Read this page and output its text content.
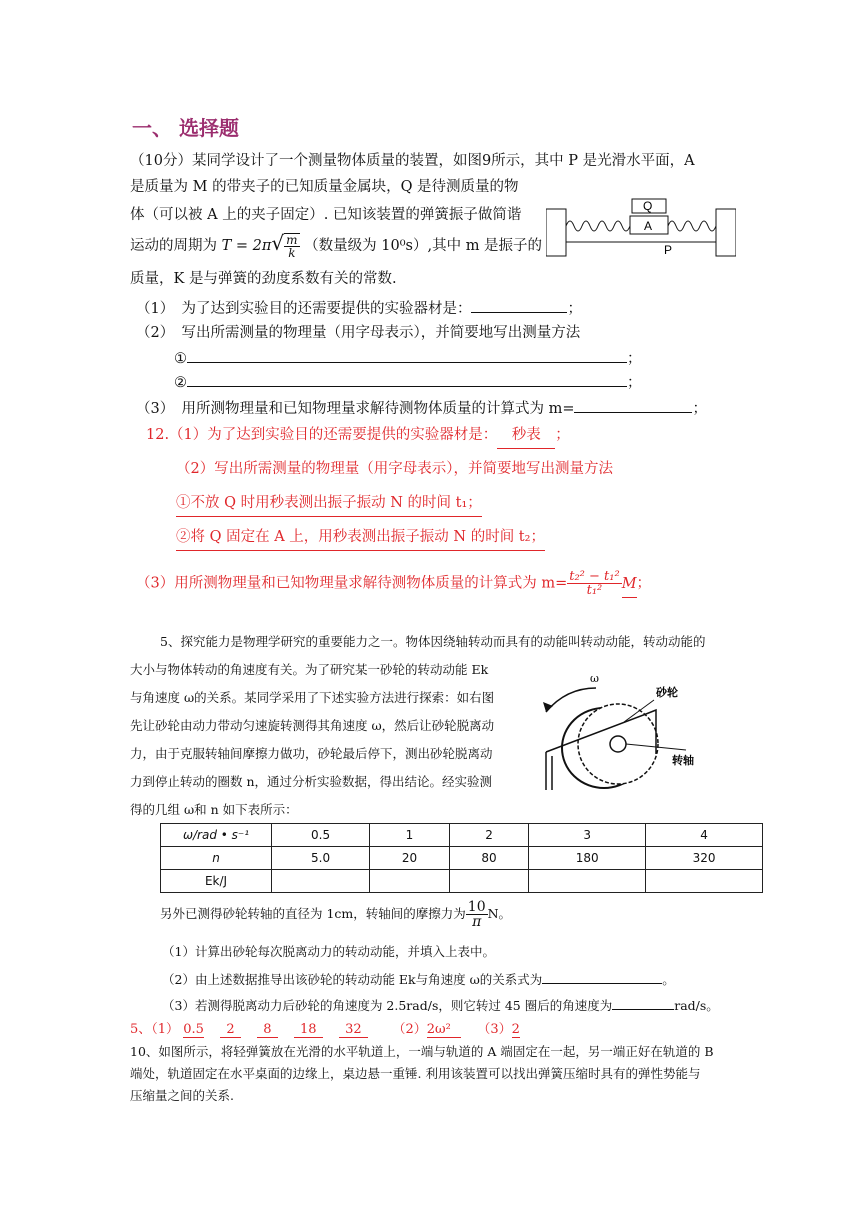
一、 选择题
（10分）某同学设计了一个测量物体质量的装置，如图9所示，其中 P 是光滑水平面，A
是质量为 M 的带夹子的已知质量金属块，Q 是待测质量的物
体（可以被 A 上的夹子固定）. 已知该装置的弹簧振子做简谐
运动的周期为 $T = 2\pi√ \frac{m}{k}$ （数量级为 10⁰s）,其中 m 是振子的
质量，K 是与弹簧的劲度系数有关的常数.
Q
A
P
（1）　为了达到实验目的还需要提供的实验器材是：	；
（2）　写出所需测量的物理量（用字母表示），并简要地写出测量方法
①	；
②	；
（3）　用所测物理量和已知物理量求解待测物体质量的计算式为 m=	；
12.（1）为了达到实验目的还需要提供的实验器材是：　秒表　；
（2）写出所需测量的物理量（用字母表示），并简要地写出测量方法
①不放 Q 时用秒表测出振子振动 N 的时间 t₁；
②将 Q 固定在 A 上，用秒表测出振子振动 N 的时间 t₂；
（3）用所测物理量和已知物理量求解待测物体质量的计算式为 $m= \frac{\text{t₂² − t₁²}}{\text{t₁²}}$ M；
5、探究能力是物理学研究的重要能力之一。物体因绕轴转动而具有的动能叫转动动能，转动动能的
大小与物体转动的角速度有关。为了研究某一砂轮的转动动能 Ek
与角速度 ω的关系。某同学采用了下述实验方法进行探索：如右图
先让砂轮由动力带动匀速旋转测得其角速度 ω，然后让砂轮脱离动
力，由于克服转轴间摩擦力做功，砂轮最后停下，测出砂轮脱离动
力到停止转动的圈数 n，通过分析实验数据，得出结论。经实验测
得的几组 ω和 n 如下表所示：
ω
砂轮
转轴
ω/rad • s⁻¹	0.5	1	2	3	4
n	5.0	20	80	180	320
Ek/J					
另外已测得砂轮转轴的直径为 1cm，转轴间的摩擦力为 $\frac{10}{\pi}$ N。
（1）计算出砂轮每次脱离动力的转动动能，并填入上表中。
（2）由上述数据推导出该砂轮的转动动能 Ek与角速度 ω的关系式为	。
（3）若测得脱离动力后砂轮的角速度为 2.5rad/s，则它转过 45 圈后的角速度为	rad/s。
5、（1） 0.5 2 8 18 32 （2）2ω² （3）2
10、如图所示，将轻弹簧放在光滑的水平轨道上，一端与轨道的 A 端固定在一起，另一端正好在轨道的 B
端处，轨道固定在水平桌面的边缘上，桌边悬一重锤. 利用该装置可以找出弹簧压缩时具有的弹性势能与
压缩量之间的关系.
